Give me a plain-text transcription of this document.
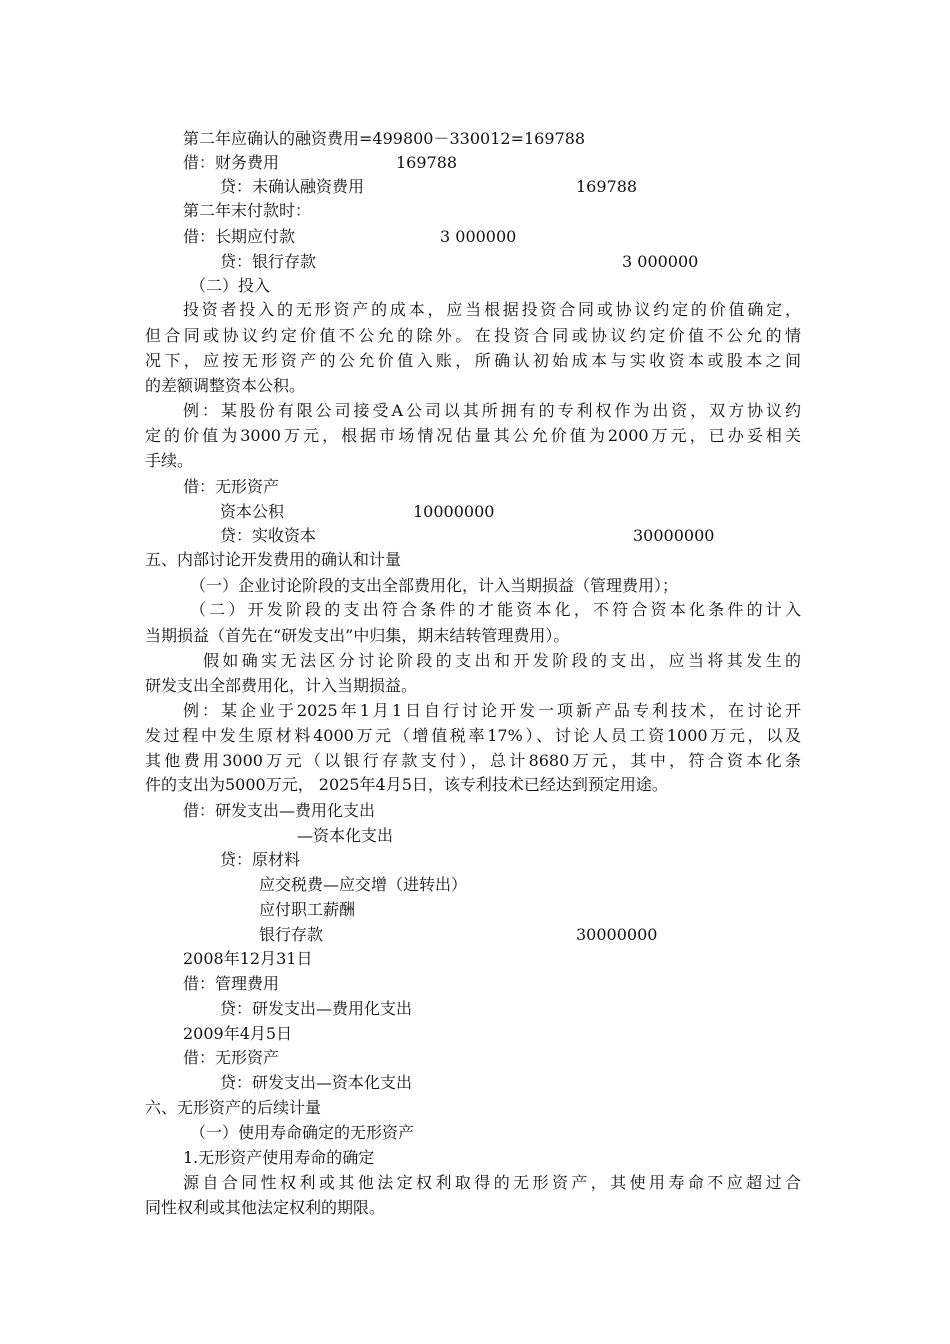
第二年应确认的融资费用=499800－330012=169788
借：财务费用	169788
贷：未确认融资费用	169788
第二年末付款时：
借：长期应付款	3 000000
贷：银行存款	3 000000
（二）投入
投资者投入的无形资产的成本，应当根据投资合同或协议约定的价值确定，
但合同或协议约定价值不公允的除外。在投资合同或协议约定价值不公允的情
况下，应按无形资产的公允价值入账，所确认初始成本与实收资本或股本之间
的差额调整资本公积。
例：某股份有限公司接受A公司以其所拥有的专利权作为出资，双方协议约
定的价值为3000万元，根据市场情况估量其公允价值为2000万元，已办妥相关
手续。
借：无形资产
资本公积	10000000
贷：实收资本	30000000
五、内部讨论开发费用的确认和计量
（一）企业讨论阶段的支出全部费用化，计入当期损益（管理费用）；
（二）开发阶段的支出符合条件的才能资本化，不符合资本化条件的计入
当期损益（首先在“研发支出”中归集，期末结转管理费用）。
假如确实无法区分讨论阶段的支出和开发阶段的支出，应当将其发生的
研发支出全部费用化，计入当期损益。
例：某企业于2025年1月1日自行讨论开发一项新产品专利技术，在讨论开
发过程中发生原材料4000万元（增值税率17%）、讨论人员工资1000万元，以及
其他费用3000万元（以银行存款支付），总计8680万元，其中，符合资本化条
件的支出为5000万元， 2025年4月5日，该专利技术已经达到预定用途。
借：研发支出—费用化支出
—资本化支出
贷：原材料
应交税费—应交增（进转出）
应付职工薪酬
银行存款	30000000
2008年12月31日
借：管理费用
贷：研发支出—费用化支出
2009年4月5日
借：无形资产
贷：研发支出—资本化支出
六、无形资产的后续计量
（一）使用寿命确定的无形资产
1.无形资产使用寿命的确定
源自合同性权利或其他法定权利取得的无形资产，其使用寿命不应超过合
同性权利或其他法定权利的期限。
